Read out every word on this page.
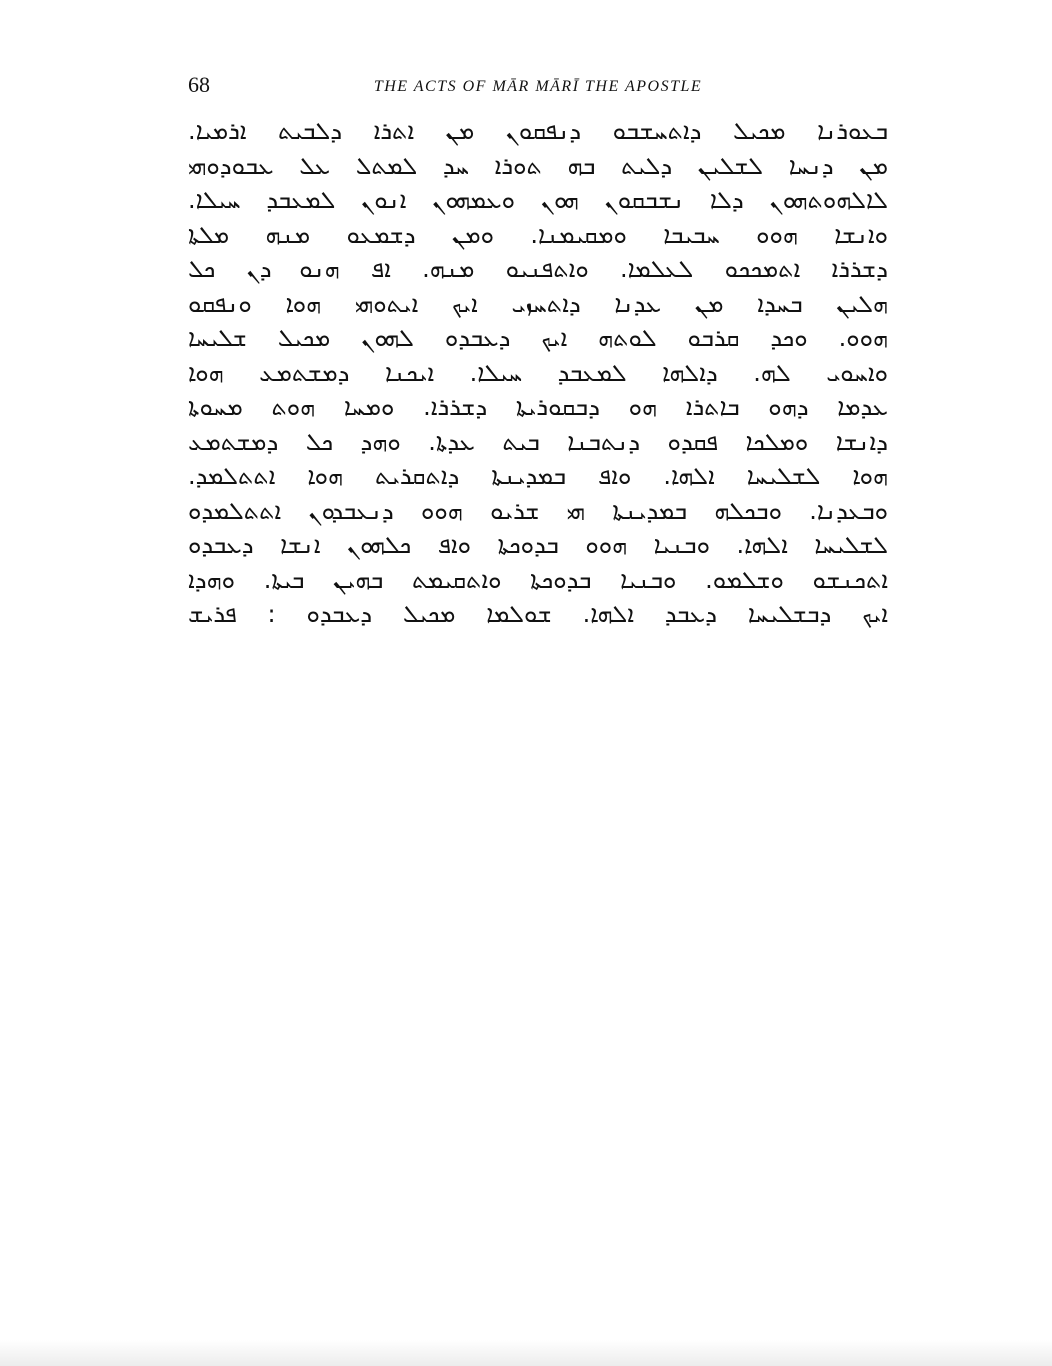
68	THE ACTS OF MĀR MĀRĪ THE APOSTLE
ܒܥܘܪܢܐ ܡܟܝܠ ܕܐܬܚܫܒܘ ܕܢܦܩܘܢ ܡܢ ܐܬܪܐ ܕܠܒܝܬ ܐܪܡܝܐ.
ܡܢ ܕܢܚܐ ܠܫܠܝܢ ܕܠܝܬ ܒܗ ܬܘܪܐ ܚܕ ܠܡܬܠ ܥܠ ܥܒܘܕܘܗܝ
ܠܐܠܗܘܬܗܘܢ ܕܠܐ ܢܫܒܩܘܢ ܗܘܢ ܘܥܡܗܘܢ ܐܢܘܢ ܠܡܥܒܕ ܚܝܠܐ.
ܘܐܢܫܐ ܗܘܘ ܚܒܝܒܐ ܘܡܩܝܡܢܐ. ܘܡܢ ܕܫܡܥܘ ܡܢܗ ܡܠܬܐ
ܕܫܪܪܐ ܐܬܡܟܟܘ ܠܥܠܡܐ. ܘܐܬܦܢܝܘ ܡܢܗ. ܐܦ ܗܢܘ ܕܢ ܟܠ
ܗܠܝܢ ܒܚܕܐ ܡܢ ܥܕܢܐ ܕܐܬܚܙܝ ܐܝܟ ܐܝܬܘܗܝ ܗܘܐ ܘܢܦܩܘ
ܗܘܘ. ܘܟܕ ܩܪܒܘ ܠܘܬܗ ܐܝܟ ܕܥܒܕܘ ܠܗܘܢ ܡܟܝܠ ܫܠܝܚܐ
ܘܐܚܘܝ ܠܗ. ܕܐܠܗܐ ܠܡܥܒܕ ܚܝܠܐ. ܐܝܟܢܐ ܕܡܫܬܡܥ ܗܘܐ
ܥܕܡܐ ܕܗܘ ܒܐܬܪܐ ܗܘ ܕܒܩܘܪܝܬܐ ܕܫܪܪܐ. ܘܡܚܐ ܗܘܬ ܡܚܘܬܐ
ܕܐܢܫܐ ܘܡܠܟܐ ܦܩܕܘ ܕܢܬܒܢܐ ܒܝܬ ܥܕܬܐ. ܘܗܕ ܟܠ ܕܡܫܬܡܥ
ܗܘܐ ܠܫܠܝܚܐ ܐܠܗܐ. ܘܐܦ ܒܡܕܝܢܬܐ ܕܐܬܩܪܝܬ ܗܘܐ ܐܬܬܠܡܕ.
ܘܒܥܕܢܐ. ܘܒܟܠܗ ܒܡܕܝܢܬܐ ܗܝ ܫܪܝܘ ܗܘܘ ܕܢܥܒܕܘܢ ܐܬܬܠܡܕܘ
ܠܫܠܝܚܐ ܐܠܗܐ. ܘܒܢܝܐ ܗܘܘ ܒܕܘܟܬܐ ܘܐܦ ܟܠܗܘܢ ܐܢܫܐ ܕܥܒܕܘ
ܐܬܟܢܫܘ ܘܫܠܡܘ. ܘܒܢܝܐ ܒܕܘܟܬܐ ܘܐܬܩܝܡܬ ܒܗܝܢ ܒܝܬܐ. ܘܗܕܐ
ܐܝܟ ܕܒܫܠܝܚܐ ܕܥܒܕ ܐܠܗܐ. ܫܘܠܡܐ ܡܟܝܠ ܕܥܒܕܘ : ܦܪܝܫ
